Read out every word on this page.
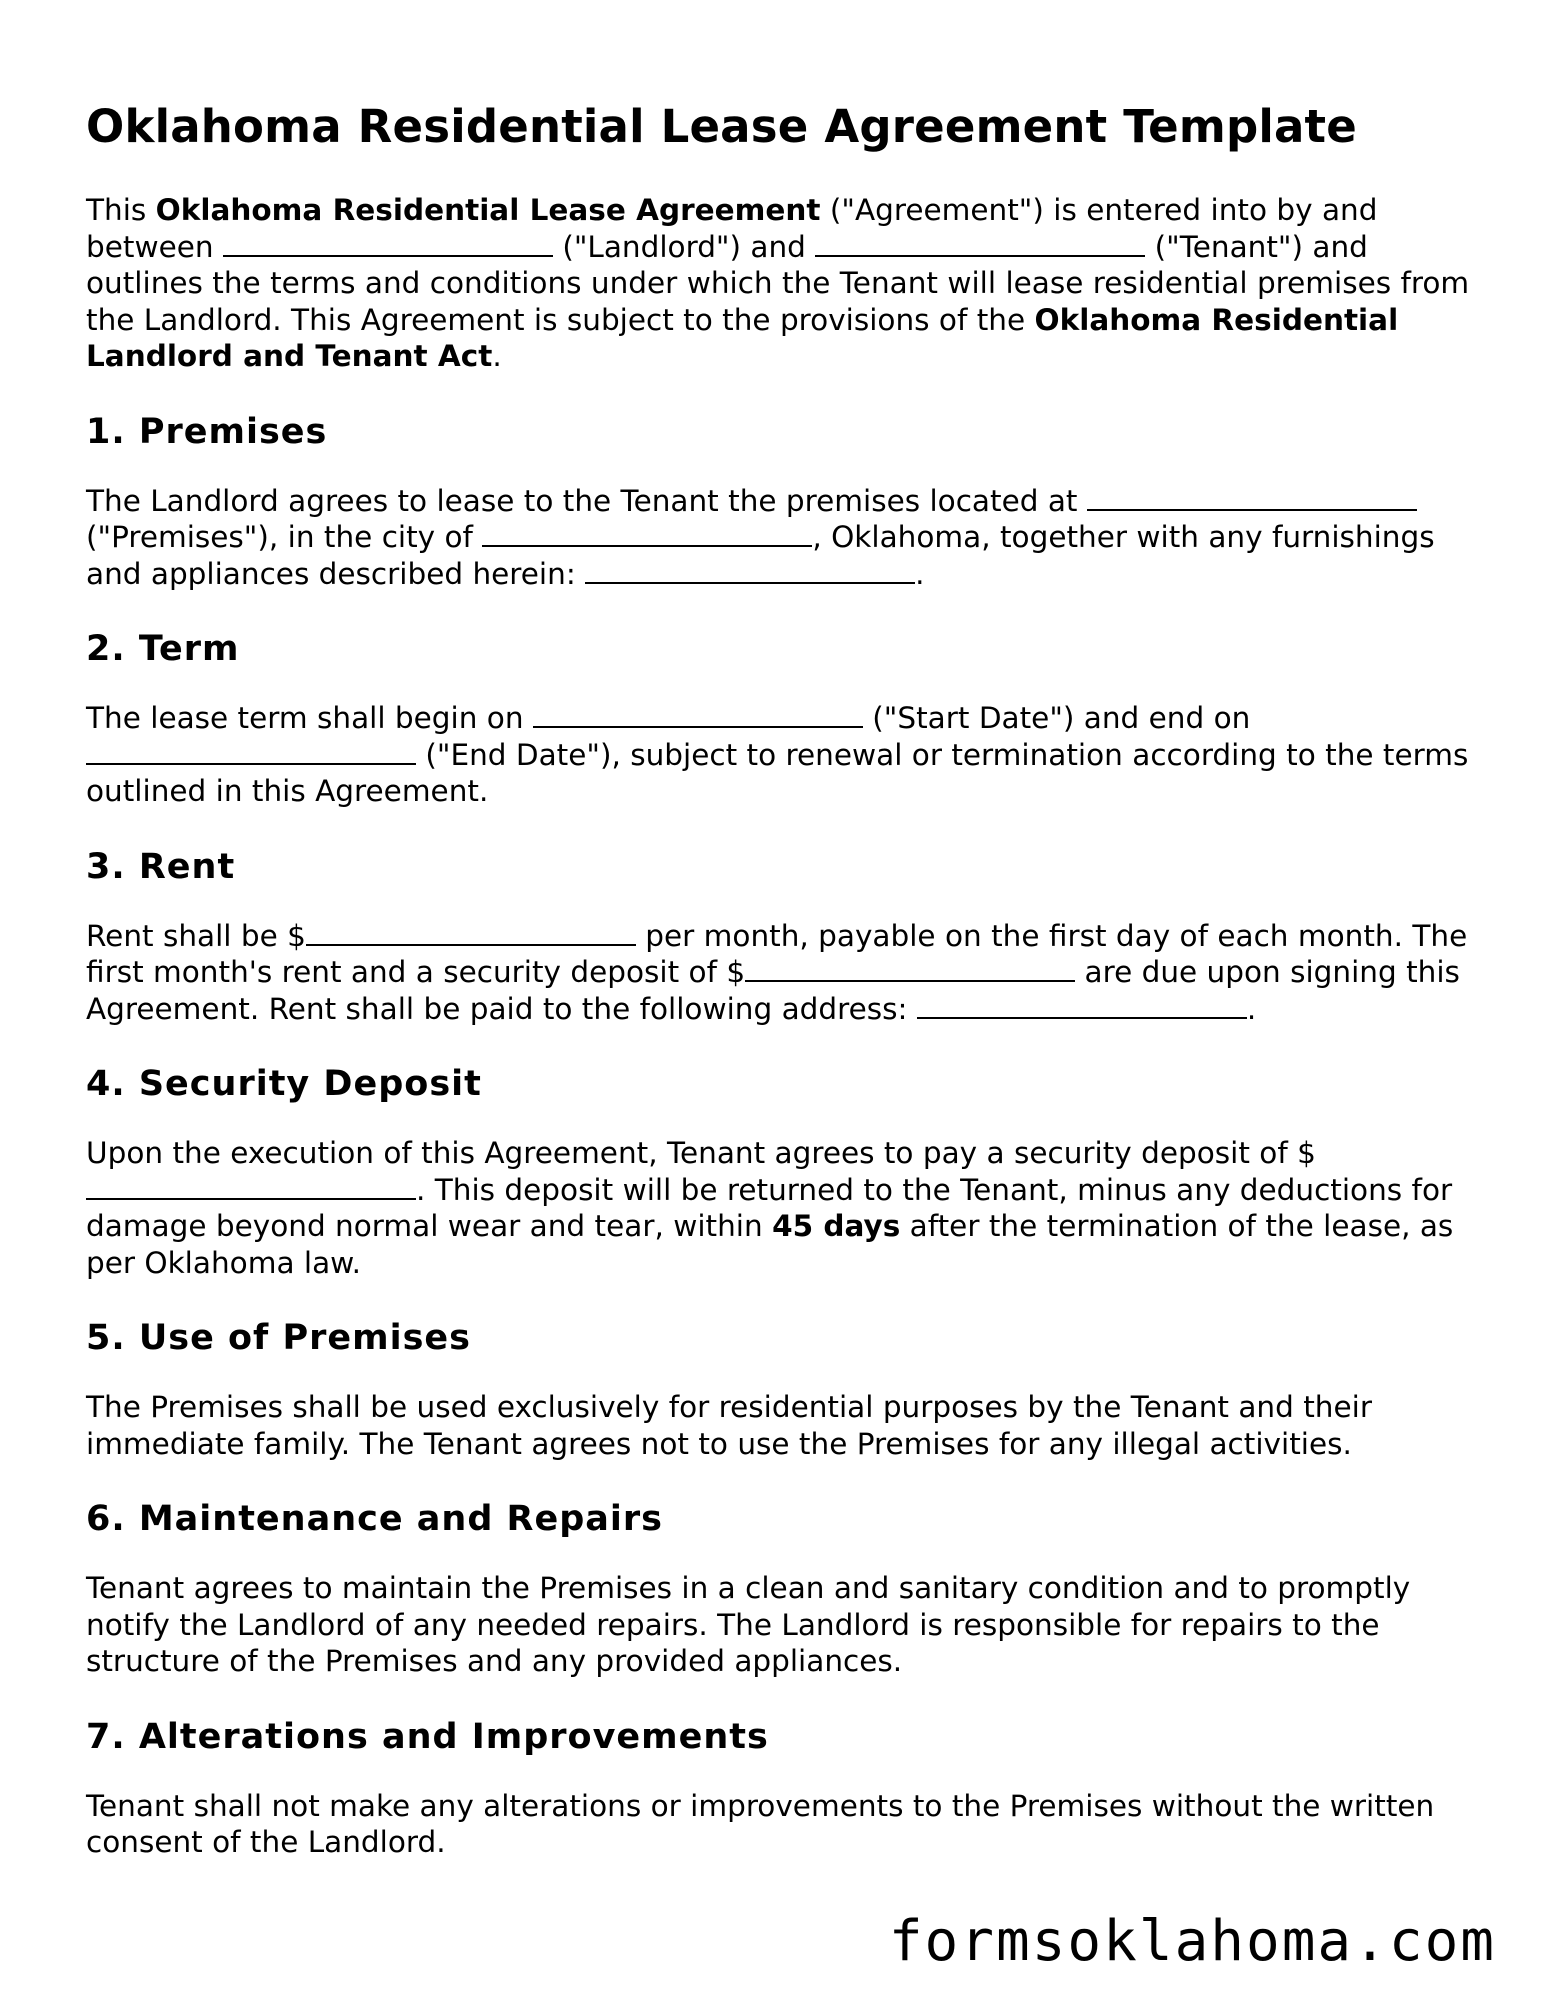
Oklahoma Residential Lease Agreement Template

This Oklahoma Residential Lease Agreement ("Agreement") is entered into by and between	("Landlord") and	("Tenant") and outlines the terms and conditions under which the Tenant will lease residential premises from the Landlord. This Agreement is subject to the provisions of the Oklahoma Residential Landlord and Tenant Act.

1. Premises

The Landlord agrees to lease to the Tenant the premises located at  ("Premises"), in the city of	, Oklahoma, together with any furnishings and appliances described herein:	.

2. Term

The lease term shall begin on	("Start Date") and end on  ("End Date"), subject to renewal or termination according to the terms outlined in this Agreement.

3. Rent

Rent shall be $	per month, payable on the first day of each month. The first month's rent and a security deposit of $	are due upon signing this Agreement. Rent shall be paid to the following address:	.

4. Security Deposit

Upon the execution of this Agreement, Tenant agrees to pay a security deposit of $. This deposit will be returned to the Tenant, minus any deductions for damage beyond normal wear and tear, within 45 days after the termination of the lease, as per Oklahoma law.

5. Use of Premises

The Premises shall be used exclusively for residential purposes by the Tenant and their immediate family. The Tenant agrees not to use the Premises for any illegal activities.

6. Maintenance and Repairs

Tenant agrees to maintain the Premises in a clean and sanitary condition and to promptly notify the Landlord of any needed repairs. The Landlord is responsible for repairs to the structure of the Premises and any provided appliances.

7. Alterations and Improvements

Tenant shall not make any alterations or improvements to the Premises without the written consent of the Landlord.

formsoklahoma.com
